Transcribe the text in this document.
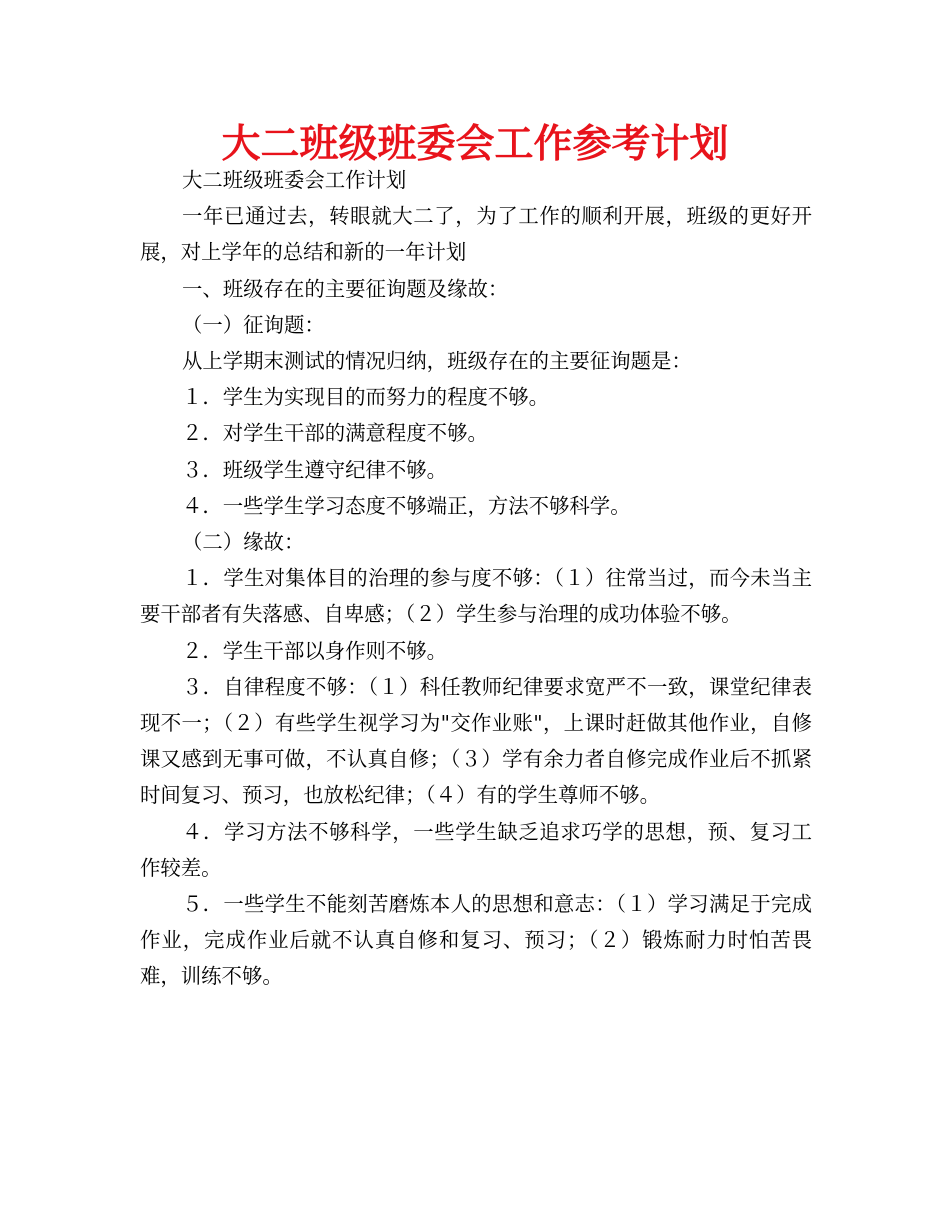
大二班级班委会工作参考计划

大二班级班委会工作计划

一年已通过去，转眼就大二了，为了工作的顺利开展，班级的更好开展，对上学年的总结和新的一年计划

一、班级存在的主要征询题及缘故：

（一）征询题：

从上学期末测试的情况归纳，班级存在的主要征询题是：

１．学生为实现目的而努力的程度不够。

２．对学生干部的满意程度不够。

３．班级学生遵守纪律不够。

４．一些学生学习态度不够端正，方法不够科学。

（二）缘故：

１．学生对集体目的治理的参与度不够：（１）往常当过，而今未当主要干部者有失落感、自卑感；（２）学生参与治理的成功体验不够。

２．学生干部以身作则不够。

３．自律程度不够：（１）科任教师纪律要求宽严不一致，课堂纪律表现不一；（２）有些学生视学习为"交作业账"，上课时赶做其他作业，自修课又感到无事可做，不认真自修；（３）学有余力者自修完成作业后不抓紧时间复习、预习，也放松纪律；（４）有的学生尊师不够。

４．学习方法不够科学，一些学生缺乏追求巧学的思想，预、复习工作较差。

５．一些学生不能刻苦磨炼本人的思想和意志：（１）学习满足于完成作业，完成作业后就不认真自修和复习、预习；（２）锻炼耐力时怕苦畏难，训练不够。
